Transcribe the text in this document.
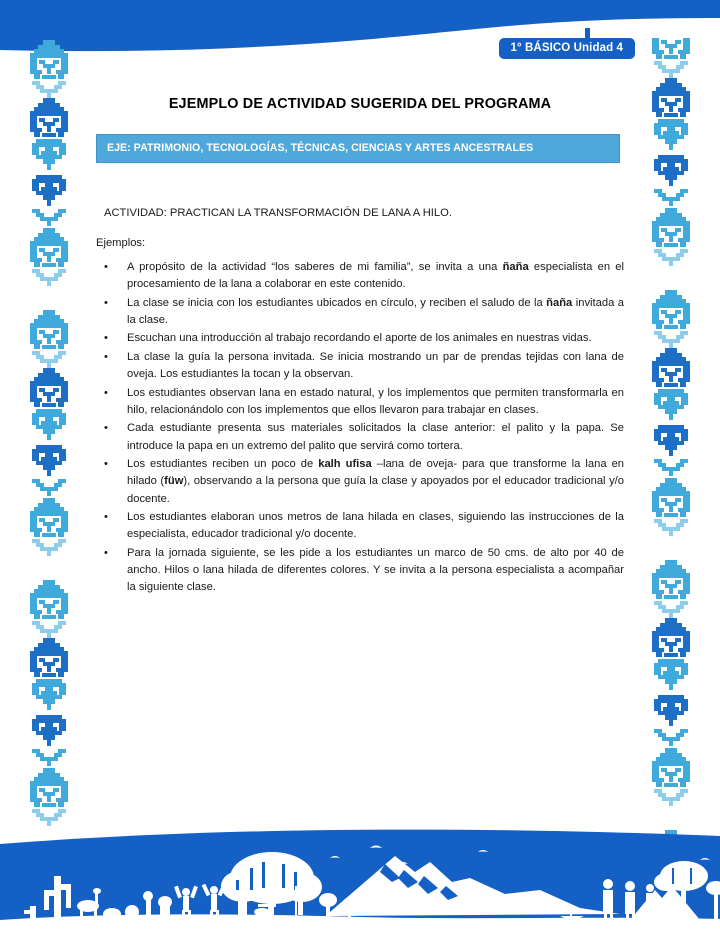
1° BÁSICO Unidad 4
EJEMPLO DE ACTIVIDAD SUGERIDA DEL PROGRAMA
EJE: PATRIMONIO, TECNOLOGÍAS, TÉCNICAS, CIENCIAS Y ARTES ANCESTRALES
ACTIVIDAD: PRACTICAN LA TRANSFORMACIÓN DE LANA A HILO.
Ejemplos:
• A propósito de la actividad “los saberes de mi familia”, se invita a una ñaña especialista en el procesamiento de la lana a colaborar en este contenido.
• La clase se inicia con los estudiantes ubicados en círculo, y reciben el saludo de la ñaña invitada a la clase.
• Escuchan una introducción al trabajo recordando el aporte de los animales en nuestras vidas.
• La clase la guía la persona invitada. Se inicia mostrando un par de prendas tejidas con lana de oveja. Los estudiantes la tocan y la observan.
• Los estudiantes observan lana en estado natural, y los implementos que permiten transformarla en hilo, relacionándolo con los implementos que ellos llevaron para trabajar en clases.
• Cada estudiante presenta sus materiales solicitados la clase anterior: el palito y la papa. Se introduce la papa en un extremo del palito que servirá como tortera.
• Los estudiantes reciben un poco de kalh ufisa –lana de oveja- para que transforme la lana en hilado (füw), observando a la persona que guía la clase y apoyados por el educador tradicional y/o docente.
• Los estudiantes elaboran unos metros de lana hilada en clases, siguiendo las instrucciones de la especialista, educador tradicional y/o docente.
• Para la jornada siguiente, se les pide a los estudiantes un marco de 50 cms. de alto por 40 de ancho. Hilos o lana hilada de diferentes colores. Y se invita a la persona especialista a acompañar la siguiente clase.
